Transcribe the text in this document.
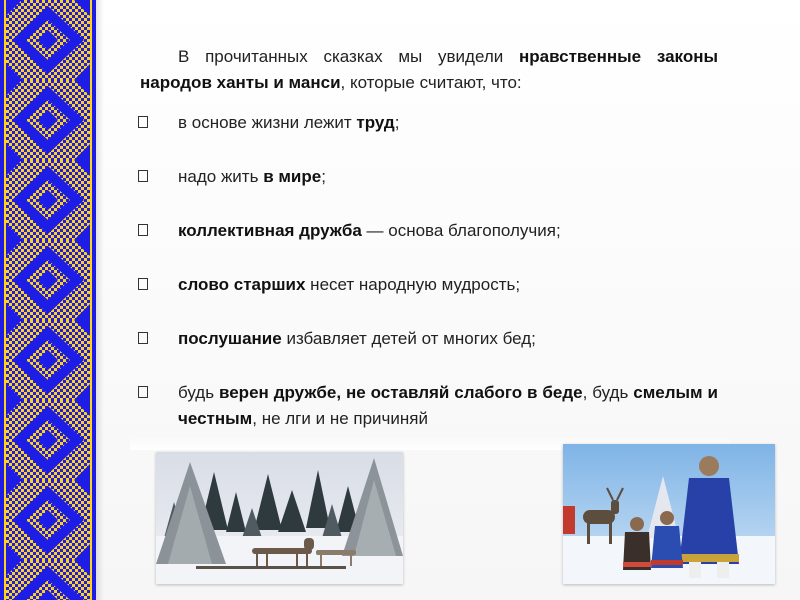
В прочитанных сказках мы увидели нравственные законы народов ханты и манси, которые считают, что:

в основе жизни лежит труд;
надо жить в мире;
коллективная дружба — основа благополучия;
слово старших несет народную мудрость;
послушание избавляет детей от многих бед;
будь верен дружбе, не оставляй слабого в беде, будь смелым и честным, не лги и не причиняй
